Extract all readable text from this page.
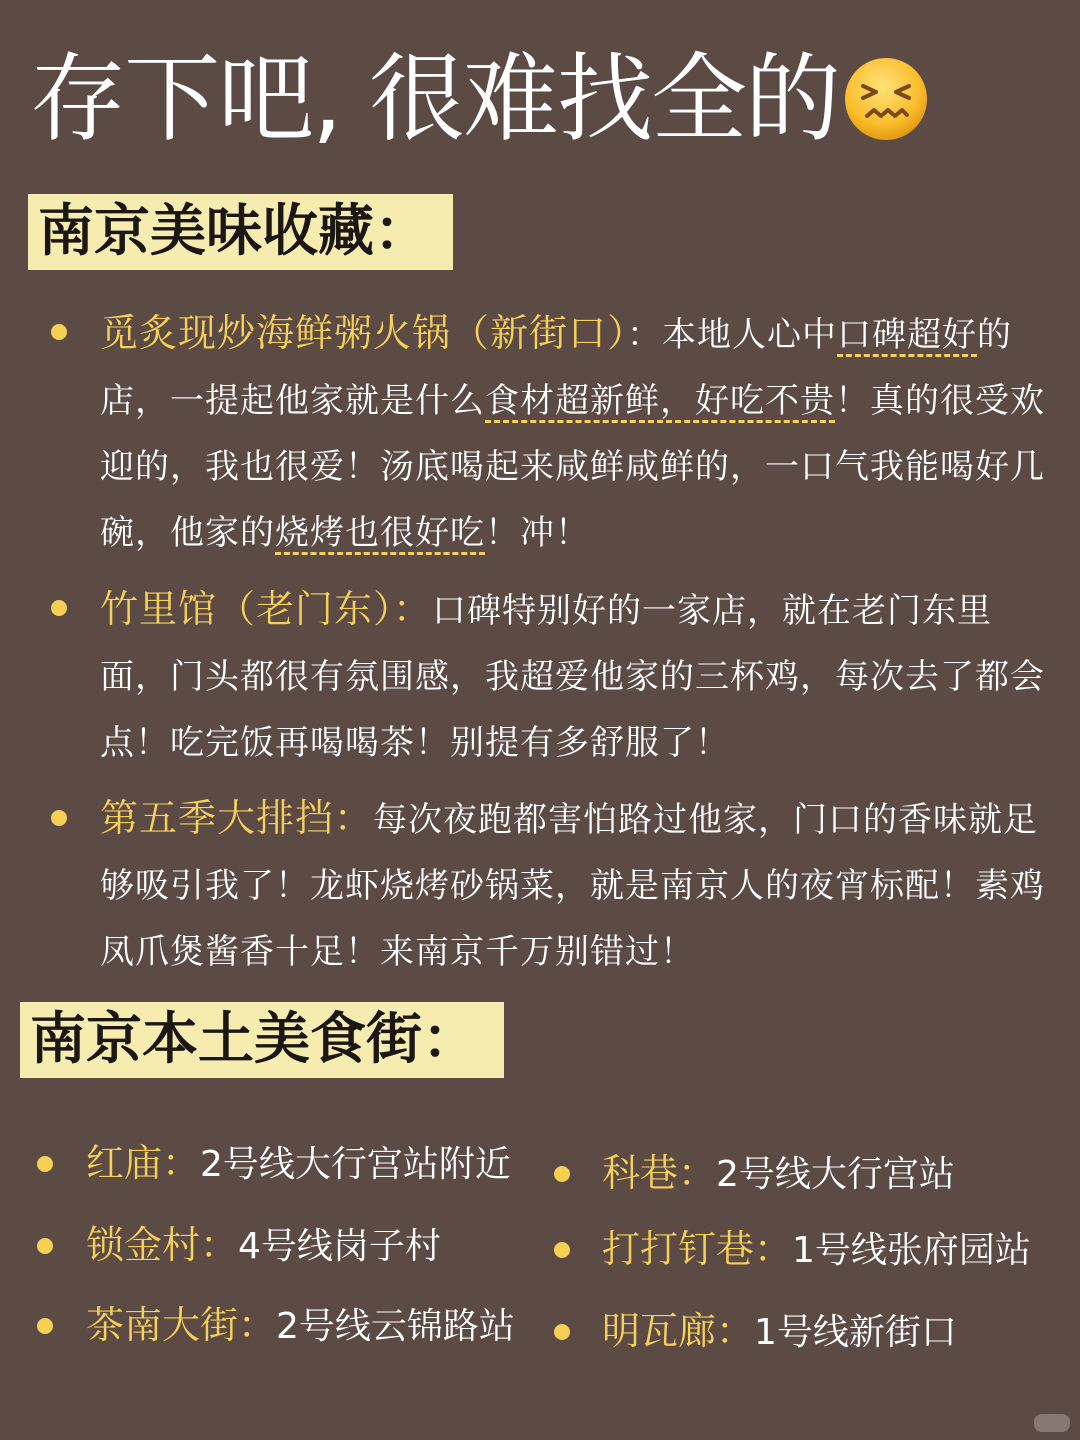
存下吧, 很难找全的
南京美味收藏：
觅炙现炒海鲜粥火锅（新街口）：本地人心中口碑超好的店，一提起他家就是什么食材超新鲜，好吃不贵！真的很受欢迎的，我也很爱！汤底喝起来咸鲜咸鲜的，一口气我能喝好几碗，他家的烧烤也很好吃！冲！
竹里馆（老门东）：口碑特别好的一家店，就在老门东里面，门头都很有氛围感，我超爱他家的三杯鸡，每次去了都会点！吃完饭再喝喝茶！别提有多舒服了！
第五季大排挡：每次夜跑都害怕路过他家，门口的香味就足够吸引我了！龙虾烧烤砂锅菜，就是南京人的夜宵标配！素鸡凤爪煲酱香十足！来南京千万别错过！
南京本土美食街：
红庙：2号线大行宫站附近
锁金村：4号线岗子村
茶南大街：2号线云锦路站
科巷：2号线大行宫站
打打钉巷：1号线张府园站
明瓦廊：1号线新街口
